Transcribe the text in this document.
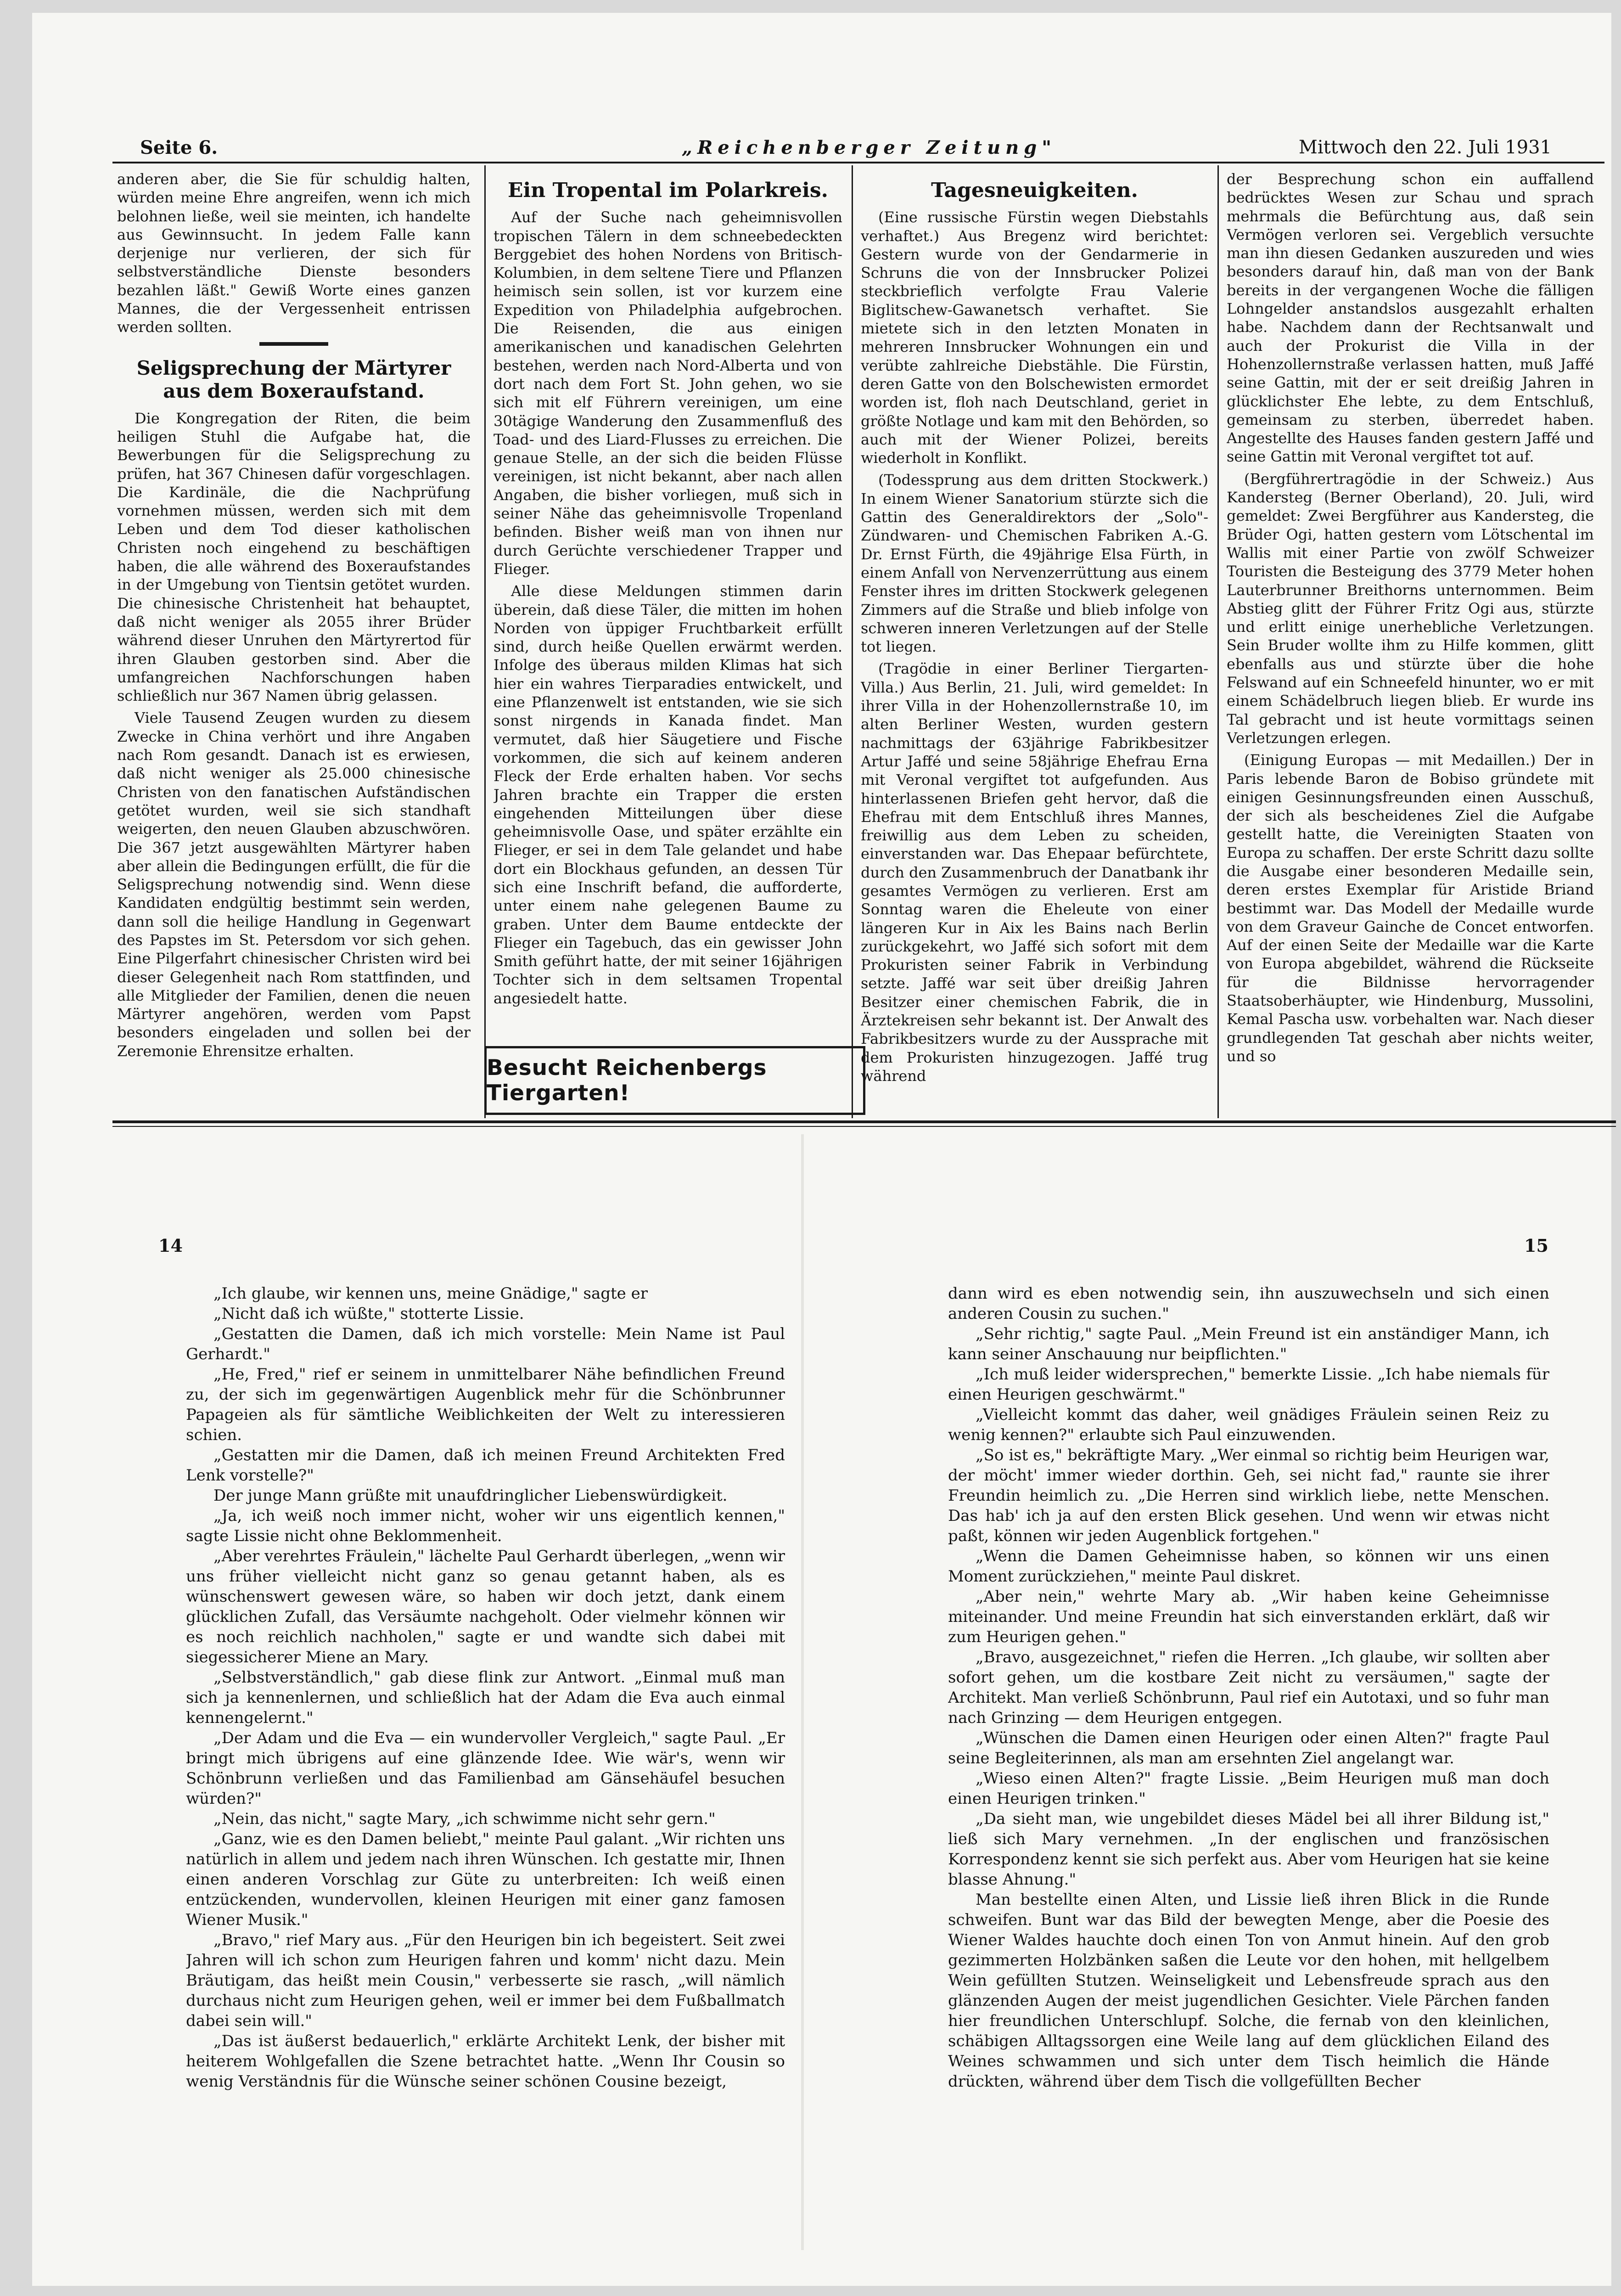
Seite 6.	„Reichenberger Zeitung"	Mittwoch den 22. Juli 1931

anderen aber, die Sie für schuldig halten, würden meine Ehre angreifen, wenn ich mich belohnen ließe, weil sie meinten, ich handelte aus Gewinnsucht. In jedem Falle kann derjenige nur verlieren, der sich für selbstverständliche Dienste besonders bezahlen läßt." Gewiß Worte eines ganzen Mannes, die der Vergessenheit entrissen werden sollten.

Seligsprechung der Märtyrer aus dem Boxeraufstand.

Die Kongregation der Riten, die beim heiligen Stuhl die Aufgabe hat, die Bewerbungen für die Seligsprechung zu prüfen, hat 367 Chinesen dafür vorgeschlagen. Die Kardinäle, die die Nachprüfung vornehmen müssen, werden sich mit dem Leben und dem Tod dieser katholischen Christen noch eingehend zu beschäftigen haben, die alle während des Boxeraufstandes in der Umgebung von Tientsin getötet wurden. Die chinesische Christenheit hat behauptet, daß nicht weniger als 2055 ihrer Brüder während dieser Unruhen den Märtyrertod für ihren Glauben gestorben sind. Aber die umfangreichen Nachforschungen haben schließlich nur 367 Namen übrig gelassen.

Viele Tausend Zeugen wurden zu diesem Zwecke in China verhört und ihre Angaben nach Rom gesandt. Danach ist es erwiesen, daß nicht weniger als 25.000 chinesische Christen von den fanatischen Aufständischen getötet wurden, weil sie sich standhaft weigerten, den neuen Glauben abzuschwören. Die 367 jetzt ausgewählten Märtyrer haben aber allein die Bedingungen erfüllt, die für die Seligsprechung notwendig sind. Wenn diese Kandidaten endgültig bestimmt sein werden, dann soll die heilige Handlung in Gegenwart des Papstes im St. Petersdom vor sich gehen. Eine Pilgerfahrt chinesischer Christen wird bei dieser Gelegenheit nach Rom stattfinden, und alle Mitglieder der Familien, denen die neuen Märtyrer angehören, werden vom Papst besonders eingeladen und sollen bei der Zeremonie Ehrensitze erhalten.

Ein Tropental im Polarkreis.

Auf der Suche nach geheimnisvollen tropischen Tälern in dem schneebedeckten Berggebiet des hohen Nordens von Britisch-Kolumbien, in dem seltene Tiere und Pflanzen heimisch sein sollen, ist vor kurzem eine Expedition von Philadelphia aufgebrochen. Die Reisenden, die aus einigen amerikanischen und kanadischen Gelehrten bestehen, werden nach Nord-Alberta und von dort nach dem Fort St. John gehen, wo sie sich mit elf Führern vereinigen, um eine 30tägige Wanderung den Zusammenfluß des Toad- und des Liard-Flusses zu erreichen. Die genaue Stelle, an der sich die beiden Flüsse vereinigen, ist nicht bekannt, aber nach allen Angaben, die bisher vorliegen, muß sich in seiner Nähe das geheimnisvolle Tropenland befinden. Bisher weiß man von ihnen nur durch Gerüchte verschiedener Trapper und Flieger.

Alle diese Meldungen stimmen darin überein, daß diese Täler, die mitten im hohen Norden von üppiger Fruchtbarkeit erfüllt sind, durch heiße Quellen erwärmt werden. Infolge des überaus milden Klimas hat sich hier ein wahres Tierparadies entwickelt, und eine Pflanzenwelt ist entstanden, wie sie sich sonst nirgends in Kanada findet. Man vermutet, daß hier Säugetiere und Fische vorkommen, die sich auf keinem anderen Fleck der Erde erhalten haben. Vor sechs Jahren brachte ein Trapper die ersten eingehenden Mitteilungen über diese geheimnisvolle Oase, und später erzählte ein Flieger, er sei in dem Tale gelandet und habe dort ein Blockhaus gefunden, an dessen Tür sich eine Inschrift befand, die aufforderte, unter einem nahe gelegenen Baume zu graben. Unter dem Baume entdeckte der Flieger ein Tagebuch, das ein gewisser John Smith geführt hatte, der mit seiner 16jährigen Tochter sich in dem seltsamen Tropental angesiedelt hatte.

Besucht Reichenbergs Tiergarten!
Tagesneuigkeiten.

(Eine russische Fürstin wegen Diebstahls verhaftet.) Aus Bregenz wird berichtet: Gestern wurde von der Gendarmerie in Schruns die von der Innsbrucker Polizei steckbrieflich verfolgte Frau Valerie Biglitschew-Gawanetsch verhaftet. Sie mietete sich in den letzten Monaten in mehreren Innsbrucker Wohnungen ein und verübte zahlreiche Diebstähle. Die Fürstin, deren Gatte von den Bolschewisten ermordet worden ist, floh nach Deutschland, geriet in größte Notlage und kam mit den Behörden, so auch mit der Wiener Polizei, bereits wiederholt in Konflikt.

(Todessprung aus dem dritten Stockwerk.) In einem Wiener Sanatorium stürzte sich die Gattin des Generaldirektors der „Solo"-Zündwaren- und Chemischen Fabriken A.-G. Dr. Ernst Fürth, die 49jährige Elsa Fürth, in einem Anfall von Nervenzerrüttung aus einem Fenster ihres im dritten Stockwerk gelegenen Zimmers auf die Straße und blieb infolge von schweren inneren Verletzungen auf der Stelle tot liegen.

(Tragödie in einer Berliner Tiergarten-Villa.) Aus Berlin, 21. Juli, wird gemeldet: In ihrer Villa in der Hohenzollernstraße 10, im alten Berliner Westen, wurden gestern nachmittags der 63jährige Fabrikbesitzer Artur Jaffé und seine 58jährige Ehefrau Erna mit Veronal vergiftet tot aufgefunden. Aus hinterlassenen Briefen geht hervor, daß die Ehefrau mit dem Entschluß ihres Mannes, freiwillig aus dem Leben zu scheiden, einverstanden war. Das Ehepaar befürchtete, durch den Zusammenbruch der Danatbank ihr gesamtes Vermögen zu verlieren. Erst am Sonntag waren die Eheleute von einer längeren Kur in Aix les Bains nach Berlin zurückgekehrt, wo Jaffé sich sofort mit dem Prokuristen seiner Fabrik in Verbindung setzte. Jaffé war seit über dreißig Jahren Besitzer einer chemischen Fabrik, die in Ärztekreisen sehr bekannt ist. Der Anwalt des Fabrikbesitzers wurde zu der Aussprache mit dem Prokuristen hinzugezogen. Jaffé trug während

der Besprechung schon ein auffallend bedrücktes Wesen zur Schau und sprach mehrmals die Befürchtung aus, daß sein Vermögen verloren sei. Vergeblich versuchte man ihn diesen Gedanken auszureden und wies besonders darauf hin, daß man von der Bank bereits in der vergangenen Woche die fälligen Lohngelder anstandslos ausgezahlt erhalten habe. Nachdem dann der Rechtsanwalt und auch der Prokurist die Villa in der Hohenzollernstraße verlassen hatten, muß Jaffé seine Gattin, mit der er seit dreißig Jahren in glücklichster Ehe lebte, zu dem Entschluß, gemeinsam zu sterben, überredet haben. Angestellte des Hauses fanden gestern Jaffé und seine Gattin mit Veronal vergiftet tot auf.

(Bergführertragödie in der Schweiz.) Aus Kandersteg (Berner Oberland), 20. Juli, wird gemeldet: Zwei Bergführer aus Kandersteg, die Brüder Ogi, hatten gestern vom Lötschental im Wallis mit einer Partie von zwölf Schweizer Touristen die Besteigung des 3779 Meter hohen Lauterbrunner Breithorns unternommen. Beim Abstieg glitt der Führer Fritz Ogi aus, stürzte und erlitt einige unerhebliche Verletzungen. Sein Bruder wollte ihm zu Hilfe kommen, glitt ebenfalls aus und stürzte über die hohe Felswand auf ein Schneefeld hinunter, wo er mit einem Schädelbruch liegen blieb. Er wurde ins Tal gebracht und ist heute vormittags seinen Verletzungen erlegen.

(Einigung Europas — mit Medaillen.) Der in Paris lebende Baron de Bobiso gründete mit einigen Gesinnungsfreunden einen Ausschuß, der sich als bescheidenes Ziel die Aufgabe gestellt hatte, die Vereinigten Staaten von Europa zu schaffen. Der erste Schritt dazu sollte die Ausgabe einer besonderen Medaille sein, deren erstes Exemplar für Aristide Briand bestimmt war. Das Modell der Medaille wurde von dem Graveur Gainche de Concet entworfen. Auf der einen Seite der Medaille war die Karte von Europa abgebildet, während die Rückseite für die Bildnisse hervorragender Staatsoberhäupter, wie Hindenburg, Mussolini, Kemal Pascha usw. vorbehalten war. Nach dieser grundlegenden Tat geschah aber nichts weiter, und so

14	15

„Ich glaube, wir kennen uns, meine Gnädige," sagte er

„Nicht daß ich wüßte," stotterte Lissie.

„Gestatten die Damen, daß ich mich vorstelle: Mein Name ist Paul Gerhardt."

„He, Fred," rief er seinem in unmittelbarer Nähe befindlichen Freund zu, der sich im gegenwärtigen Augenblick mehr für die Schönbrunner Papageien als für sämtliche Weiblichkeiten der Welt zu interessieren schien.

„Gestatten mir die Damen, daß ich meinen Freund Architekten Fred Lenk vorstelle?"

Der junge Mann grüßte mit unaufdringlicher Liebenswürdigkeit.

„Ja, ich weiß noch immer nicht, woher wir uns eigentlich kennen," sagte Lissie nicht ohne Beklommenheit.

„Aber verehrtes Fräulein," lächelte Paul Gerhardt überlegen, „wenn wir uns früher vielleicht nicht ganz so genau getannt haben, als es wünschenswert gewesen wäre, so haben wir doch jetzt, dank einem glücklichen Zufall, das Versäumte nachgeholt. Oder vielmehr können wir es noch reichlich nachholen," sagte er und wandte sich dabei mit siegessicherer Miene an Mary.

„Selbstverständlich," gab diese flink zur Antwort. „Einmal muß man sich ja kennenlernen, und schließlich hat der Adam die Eva auch einmal kennengelernt."

„Der Adam und die Eva — ein wundervoller Vergleich," sagte Paul. „Er bringt mich übrigens auf eine glänzende Idee. Wie wär's, wenn wir Schönbrunn verließen und das Familienbad am Gänsehäufel besuchen würden?"

„Nein, das nicht," sagte Mary, „ich schwimme nicht sehr gern."

„Ganz, wie es den Damen beliebt," meinte Paul galant. „Wir richten uns natürlich in allem und jedem nach ihren Wünschen. Ich gestatte mir, Ihnen einen anderen Vorschlag zur Güte zu unterbreiten: Ich weiß einen entzückenden, wundervollen, kleinen Heurigen mit einer ganz famosen Wiener Musik."

„Bravo," rief Mary aus. „Für den Heurigen bin ich begeistert. Seit zwei Jahren will ich schon zum Heurigen fahren und komm' nicht dazu. Mein Bräutigam, das heißt mein Cousin," verbesserte sie rasch, „will nämlich durchaus nicht zum Heurigen gehen, weil er immer bei dem Fußballmatch dabei sein will."

„Das ist äußerst bedauerlich," erklärte Architekt Lenk, der bisher mit heiterem Wohlgefallen die Szene betrachtet hatte. „Wenn Ihr Cousin so wenig Verständnis für die Wünsche seiner schönen Cousine bezeigt,

dann wird es eben notwendig sein, ihn auszuwechseln und sich einen anderen Cousin zu suchen."

„Sehr richtig," sagte Paul. „Mein Freund ist ein anständiger Mann, ich kann seiner Anschauung nur beipflichten."

„Ich muß leider widersprechen," bemerkte Lissie. „Ich habe niemals für einen Heurigen geschwärmt."

„Vielleicht kommt das daher, weil gnädiges Fräulein seinen Reiz zu wenig kennen?" erlaubte sich Paul einzuwenden.

„So ist es," bekräftigte Mary. „Wer einmal so richtig beim Heurigen war, der möcht' immer wieder dorthin. Geh, sei nicht fad," raunte sie ihrer Freundin heimlich zu. „Die Herren sind wirklich liebe, nette Menschen. Das hab' ich ja auf den ersten Blick gesehen. Und wenn wir etwas nicht paßt, können wir jeden Augenblick fortgehen."

„Wenn die Damen Geheimnisse haben, so können wir uns einen Moment zurückziehen," meinte Paul diskret.

„Aber nein," wehrte Mary ab. „Wir haben keine Geheimnisse miteinander. Und meine Freundin hat sich einverstanden erklärt, daß wir zum Heurigen gehen."

„Bravo, ausgezeichnet," riefen die Herren. „Ich glaube, wir sollten aber sofort gehen, um die kostbare Zeit nicht zu versäumen," sagte der Architekt. Man verließ Schönbrunn, Paul rief ein Autotaxi, und so fuhr man nach Grinzing — dem Heurigen entgegen.

„Wünschen die Damen einen Heurigen oder einen Alten?" fragte Paul seine Begleiterinnen, als man am ersehnten Ziel angelangt war.

„Wieso einen Alten?" fragte Lissie. „Beim Heurigen muß man doch einen Heurigen trinken."

„Da sieht man, wie ungebildet dieses Mädel bei all ihrer Bildung ist," ließ sich Mary vernehmen. „In der englischen und französischen Korrespondenz kennt sie sich perfekt aus. Aber vom Heurigen hat sie keine blasse Ahnung."

Man bestellte einen Alten, und Lissie ließ ihren Blick in die Runde schweifen. Bunt war das Bild der bewegten Menge, aber die Poesie des Wiener Waldes hauchte doch einen Ton von Anmut hinein. Auf den grob gezimmerten Holzbänken saßen die Leute vor den hohen, mit hellgelbem Wein gefüllten Stutzen. Weinseligkeit und Lebensfreude sprach aus den glänzenden Augen der meist jugendlichen Gesichter. Viele Pärchen fanden hier freundlichen Unterschlupf. Solche, die fernab von den kleinlichen, schäbigen Alltagssorgen eine Weile lang auf dem glücklichen Eiland des Weines schwammen und sich unter dem Tisch heimlich die Hände drückten, während über dem Tisch die vollgefüllten Becher
